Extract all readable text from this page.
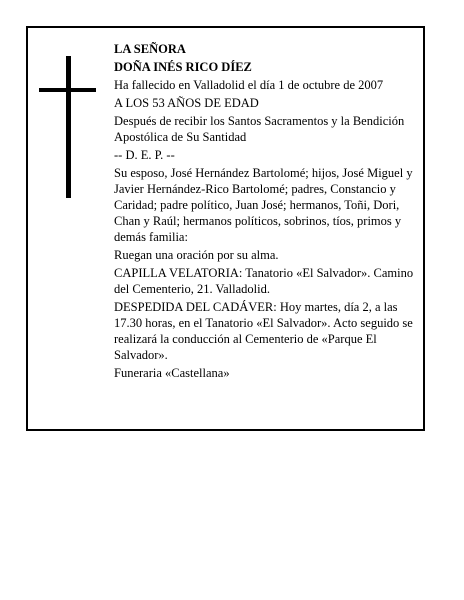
LA SEÑORA

DOÑA INÉS RICO DÍEZ

Ha fallecido en Valladolid el día 1 de octubre de 2007

A LOS 53 AÑOS DE EDAD

Después de recibir los Santos Sacramentos y la Bendición Apostólica de Su Santidad

-- D. E. P. --

Su esposo, José Hernández Bartolomé; hijos, José Miguel y Javier Hernández-Rico Bartolomé; padres, Constancio y Caridad; padre político, Juan José; hermanos, Toñi, Dori, Chan y Raúl; hermanos políticos, sobrinos, tíos, primos y demás familia:

Ruegan una oración por su alma.

CAPILLA VELATORIA: Tanatorio «El Salvador». Camino del Cementerio, 21. Valladolid.

DESPEDIDA DEL CADÁVER: Hoy martes, día 2, a las 17.30 horas, en el Tanatorio «El Salvador». Acto seguido se realizará la conducción al Cementerio de «Parque El Salvador».

Funeraria «Castellana»
